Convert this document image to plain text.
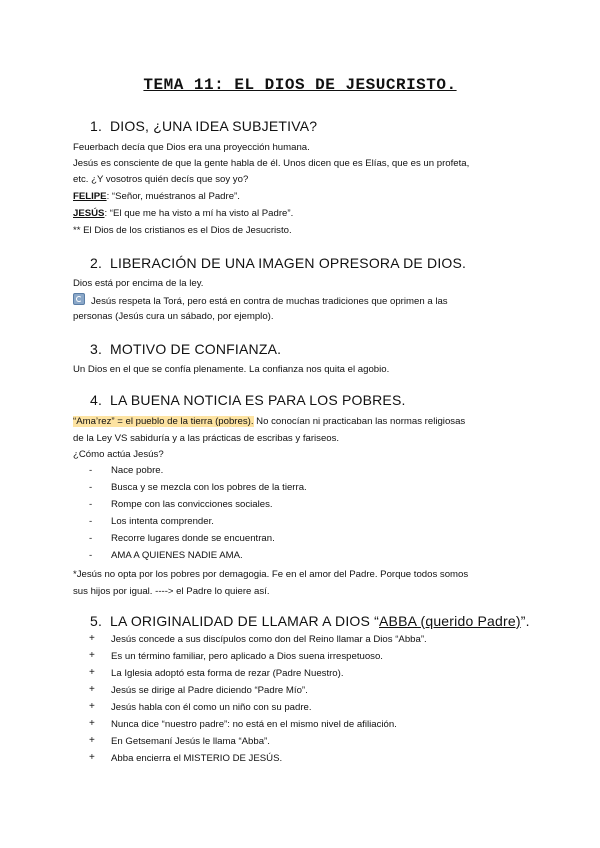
TEMA 11: EL DIOS DE JESUCRISTO.
1. DIOS, ¿UNA IDEA SUBJETIVA?
Feuerbach decía que Dios era una proyección humana.
Jesús es consciente de que la gente habla de él. Unos dicen que es Elías, que es un profeta,
etc. ¿Y vosotros quién decís que soy yo?
FELIPE: “Señor, muéstranos al Padre”.
JESÚS: “El que me ha visto a mí ha visto al Padre”.
** El Dios de los cristianos es el Dios de Jesucristo.
2. LIBERACIÓN DE UNA IMAGEN OPRESORA DE DIOS.
Dios está por encima de la ley.
Jesús respeta la Torá, pero está en contra de muchas tradiciones que oprimen a las
personas (Jesús cura un sábado, por ejemplo).
3. MOTIVO DE CONFIANZA.
Un Dios en el que se confía plenamente. La confianza nos quita el agobio.
4. LA BUENA NOTICIA ES PARA LOS POBRES.
“Ama’rez” = el pueblo de la tierra (pobres). No conocían ni practicaban las normas religiosas
de la Ley VS sabiduría y a las prácticas de escribas y fariseos.
¿Cómo actúa Jesús?
- Nace pobre.
- Busca y se mezcla con los pobres de la tierra.
- Rompe con las convicciones sociales.
- Los intenta comprender.
- Recorre lugares donde se encuentran.
- AMA A QUIENES NADIE AMA.
*Jesús no opta por los pobres por demagogia. Fe en el amor del Padre. Porque todos somos
sus hijos por igual. ----> el Padre lo quiere así.
5. LA ORIGINALIDAD DE LLAMAR A DIOS “ABBA (querido Padre)”.
+ Jesús concede a sus discípulos como don del Reino llamar a Dios “Abba”.
+ Es un término familiar, pero aplicado a Dios suena irrespetuoso.
+ La Iglesia adoptó esta forma de rezar (Padre Nuestro).
+ Jesús se dirige al Padre diciendo “Padre Mío”.
+ Jesús habla con él como un niño con su padre.
+ Nunca dice “nuestro padre”: no está en el mismo nivel de afiliación.
+ En Getsemaní Jesús le llama “Abba”.
+ Abba encierra el MISTERIO DE JESÚS.
